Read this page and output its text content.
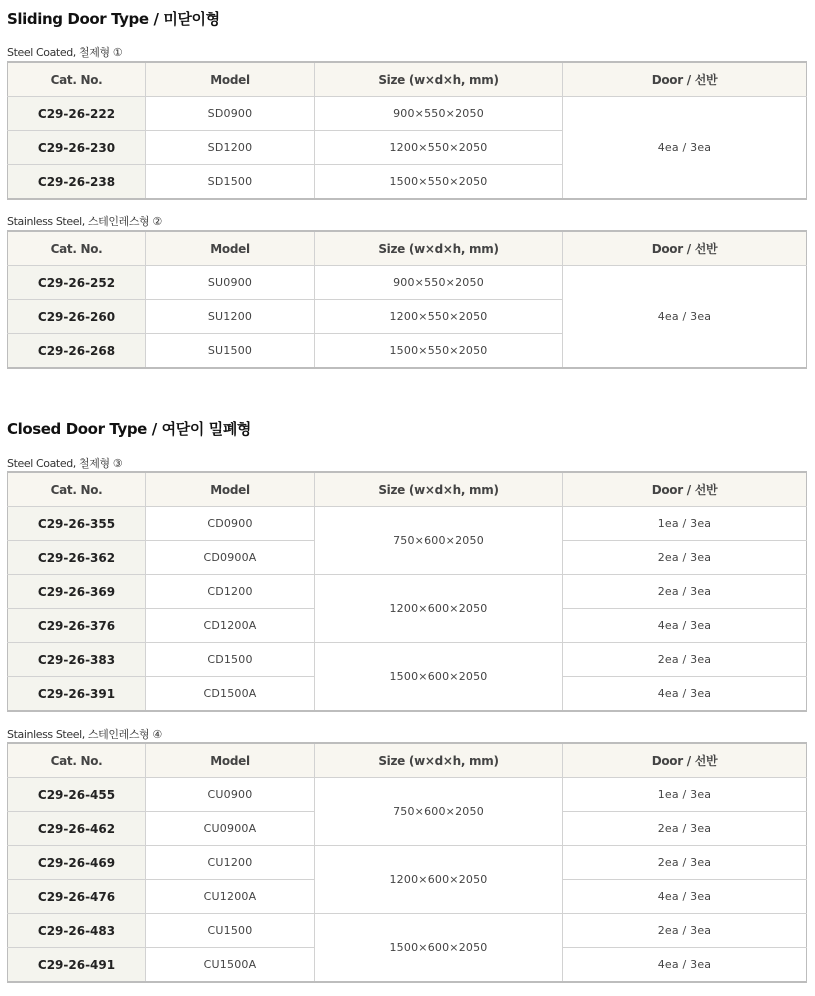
Sliding Door Type / 미닫이형
Steel Coated, 철제형 ①
Cat. No.	Model	Size (w×d×h, mm)	Door / 선반
C29-26-222	SD0900	900×550×2050	4ea / 3ea
C29-26-230	SD1200	1200×550×2050	
C29-26-238	SD1500	1500×550×2050	
Stainless Steel, 스테인레스형 ②
Cat. No.	Model	Size (w×d×h, mm)	Door / 선반
C29-26-252	SU0900	900×550×2050	4ea / 3ea
C29-26-260	SU1200	1200×550×2050	
C29-26-268	SU1500	1500×550×2050	
Closed Door Type / 여닫이 밀폐형
Steel Coated, 철제형 ③
Cat. No.	Model	Size (w×d×h, mm)	Door / 선반
C29-26-355	CD0900	750×600×2050	1ea / 3ea
C29-26-362	CD0900A		2ea / 3ea
C29-26-369	CD1200	1200×600×2050	2ea / 3ea
C29-26-376	CD1200A		4ea / 3ea
C29-26-383	CD1500	1500×600×2050	2ea / 3ea
C29-26-391	CD1500A		4ea / 3ea
Stainless Steel, 스테인레스형 ④
Cat. No.	Model	Size (w×d×h, mm)	Door / 선반
C29-26-455	CU0900	750×600×2050	1ea / 3ea
C29-26-462	CU0900A		2ea / 3ea
C29-26-469	CU1200	1200×600×2050	2ea / 3ea
C29-26-476	CU1200A		4ea / 3ea
C29-26-483	CU1500	1500×600×2050	2ea / 3ea
C29-26-491	CU1500A		4ea / 3ea
